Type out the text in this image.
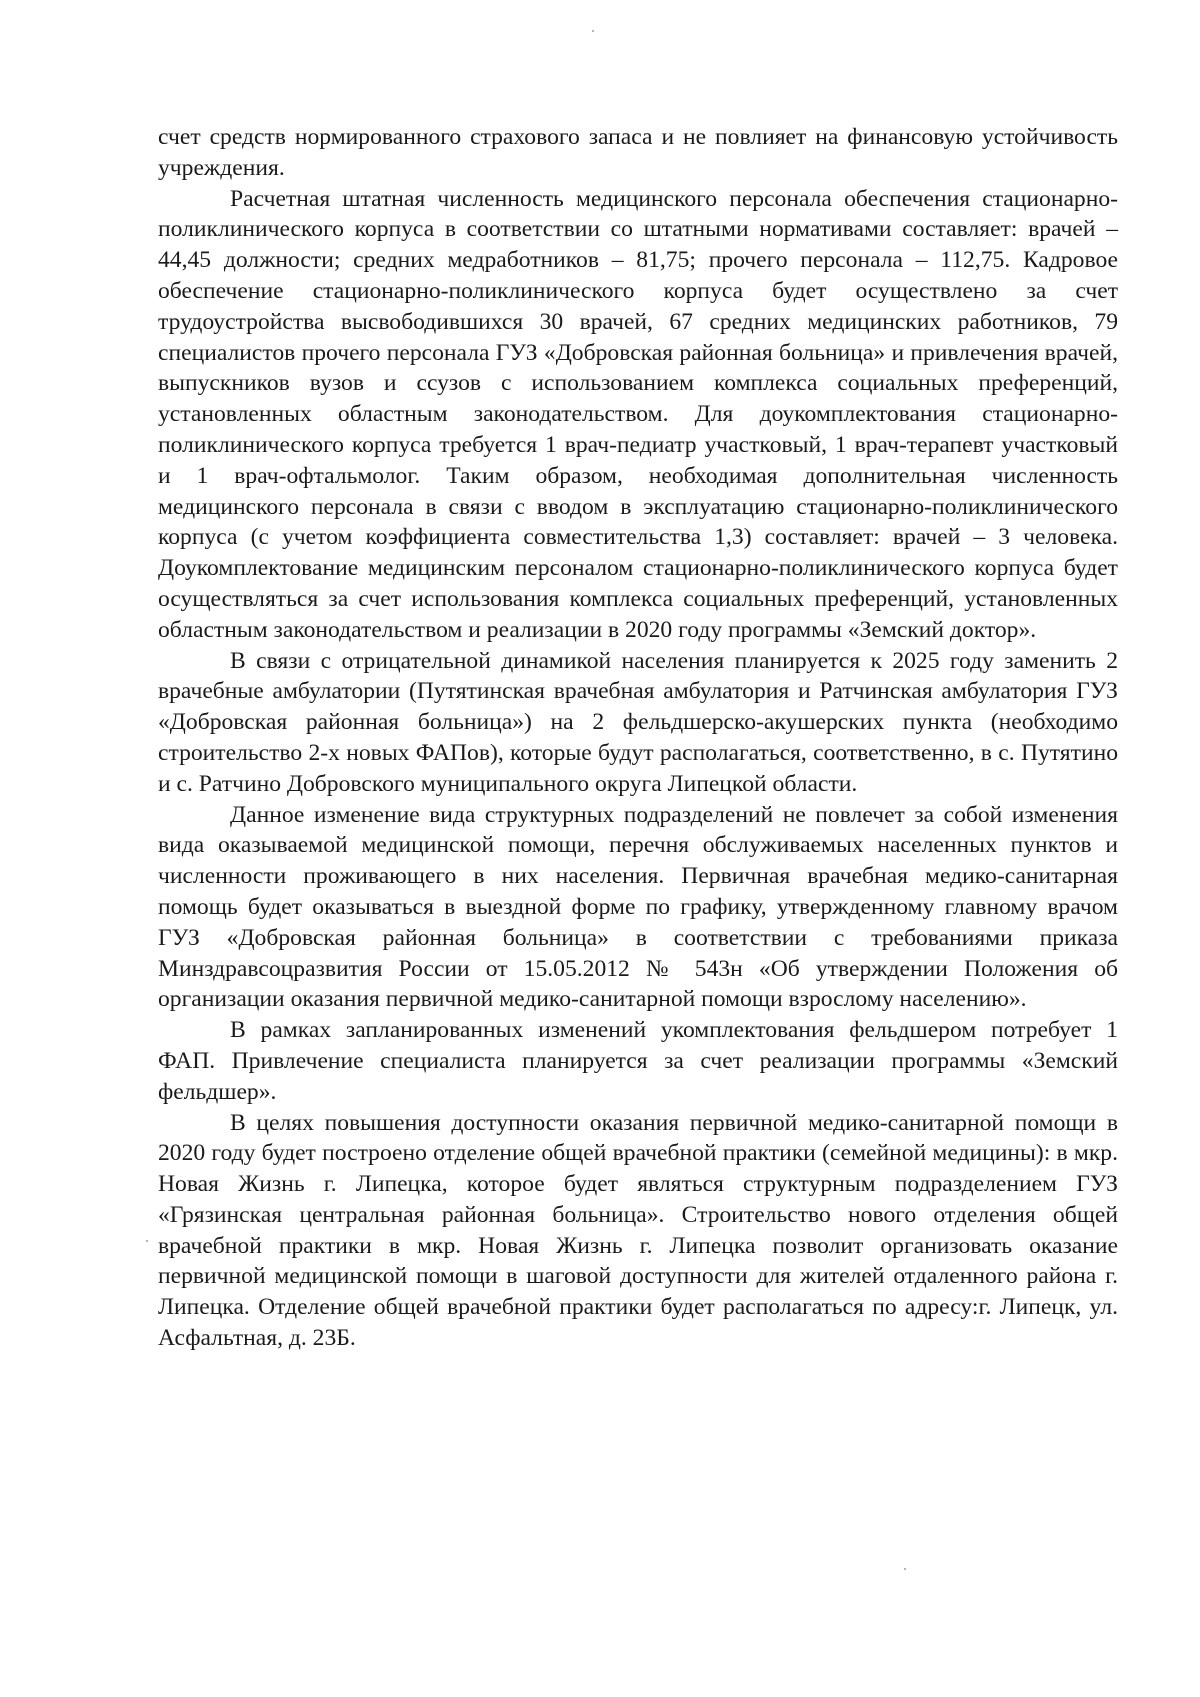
счет средств нормированного страхового запаса и не повлияет на финансовую устойчивость учреждения.

Расчетная штатная численность медицинского персонала обеспечения стационарно-поликлинического корпуса в соответствии со штатными нормативами составляет: врачей – 44,45 должности; средних медработников – 81,75; прочего персонала – 112,75. Кадровое обеспечение стационарно-поликлинического корпуса будет осуществлено за счет трудоустройства высвободившихся 30 врачей, 67 средних медицинских работников, 79 специалистов прочего персонала ГУЗ «Добровская районная больница» и привлечения врачей, выпускников вузов и ссузов с использованием комплекса социальных преференций, установленных областным законодательством. Для доукомплектования стационарно-поликлинического корпуса требуется 1 врач-педиатр участковый, 1 врач-терапевт участковый и 1 врач-офтальмолог. Таким образом, необходимая дополнительная численность медицинского персонала в связи с вводом в эксплуатацию стационарно-поликлинического корпуса (с учетом коэффициента совместительства 1,3) составляет: врачей – 3 человека. Доукомплектование медицинским персоналом стационарно-поликлинического корпуса будет осуществляться за счет использования комплекса социальных преференций, установленных областным законодательством и реализации в 2020 году программы «Земский доктор».

В связи с отрицательной динамикой населения планируется к 2025 году заменить 2 врачебные амбулатории (Путятинская врачебная амбулатория и Ратчинская амбулатория ГУЗ «Добровская районная больница») на 2 фельдшерско-акушерских пункта (необходимо строительство 2-х новых ФАПов), которые будут располагаться, соответственно, в с. Путятино и с. Ратчино Добровского муниципального округа Липецкой области.

Данное изменение вида структурных подразделений не повлечет за собой изменения вида оказываемой медицинской помощи, перечня обслуживаемых населенных пунктов и численности проживающего в них населения. Первичная врачебная медико-санитарная помощь будет оказываться в выездной форме по графику, утвержденному главному врачом ГУЗ «Добровская районная больница» в соответствии с требованиями приказа Минздравсоцразвития России от 15.05.2012 № 543н «Об утверждении Положения об организации оказания первичной медико-санитарной помощи взрослому населению».

В рамках запланированных изменений укомплектования фельдшером потребует 1 ФАП. Привлечение специалиста планируется за счет реализации программы «Земский фельдшер».

В целях повышения доступности оказания первичной медико-санитарной помощи в 2020 году будет построено отделение общей врачебной практики (семейной медицины): в мкр. Новая Жизнь г. Липецка, которое будет являться структурным подразделением ГУЗ «Грязинская центральная районная больница». Строительство нового отделения общей врачебной практики в мкр. Новая Жизнь г. Липецка позволит организовать оказание первичной медицинской помощи в шаговой доступности для жителей отдаленного района г. Липецка. Отделение общей врачебной практики будет располагаться по адресу:г. Липецк, ул. Асфальтная, д. 23Б.
